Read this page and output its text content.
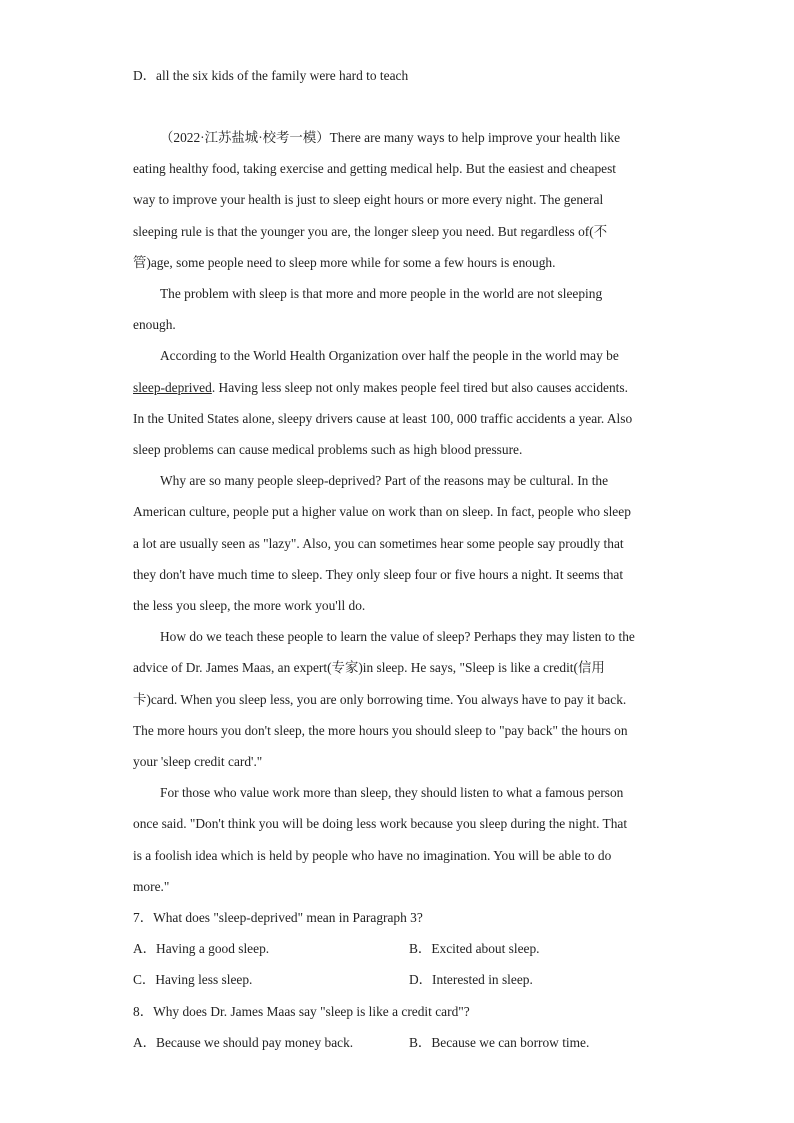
D．all the six kids of the family were hard to teach
（2022·江苏盐城·校考一模）There are many ways to help improve your health like
eating healthy food, taking exercise and getting medical help. But the easiest and cheapest
way to improve your health is just to sleep eight hours or more every night. The general
sleeping rule is that the younger you are, the longer sleep you need. But regardless of(不
管)age, some people need to sleep more while for some a few hours is enough.
The problem with sleep is that more and more people in the world are not sleeping
enough.
According to the World Health Organization over half the people in the world may be
sleep-deprived. Having less sleep not only makes people feel tired but also causes accidents.
In the United States alone, sleepy drivers cause at least 100, 000 traffic accidents a year. Also
sleep problems can cause medical problems such as high blood pressure.
Why are so many people sleep-deprived? Part of the reasons may be cultural. In the
American culture, people put a higher value on work than on sleep. In fact, people who sleep
a lot are usually seen as "lazy". Also, you can sometimes hear some people say proudly that
they don't have much time to sleep. They only sleep four or five hours a night. It seems that
the less you sleep, the more work you'll do.
How do we teach these people to learn the value of sleep? Perhaps they may listen to the
advice of Dr. James Maas, an expert(专家)in sleep. He says, "Sleep is like a credit(信用
卡)card. When you sleep less, you are only borrowing time. You always have to pay it back.
The more hours you don't sleep, the more hours you should sleep to "pay back" the hours on
your 'sleep credit card'."
For those who value work more than sleep, they should listen to what a famous person
once said. "Don't think you will be doing less work because you sleep during the night. That
is a foolish idea which is held by people who have no imagination. You will be able to do
more."
7．What does "sleep-deprived" mean in Paragraph 3?
A．Having a good sleep.	B．Excited about sleep.
C．Having less sleep.	D．Interested in sleep.
8．Why does Dr. James Maas say "sleep is like a credit card"?
A．Because we should pay money back.	B．Because we can borrow time.
